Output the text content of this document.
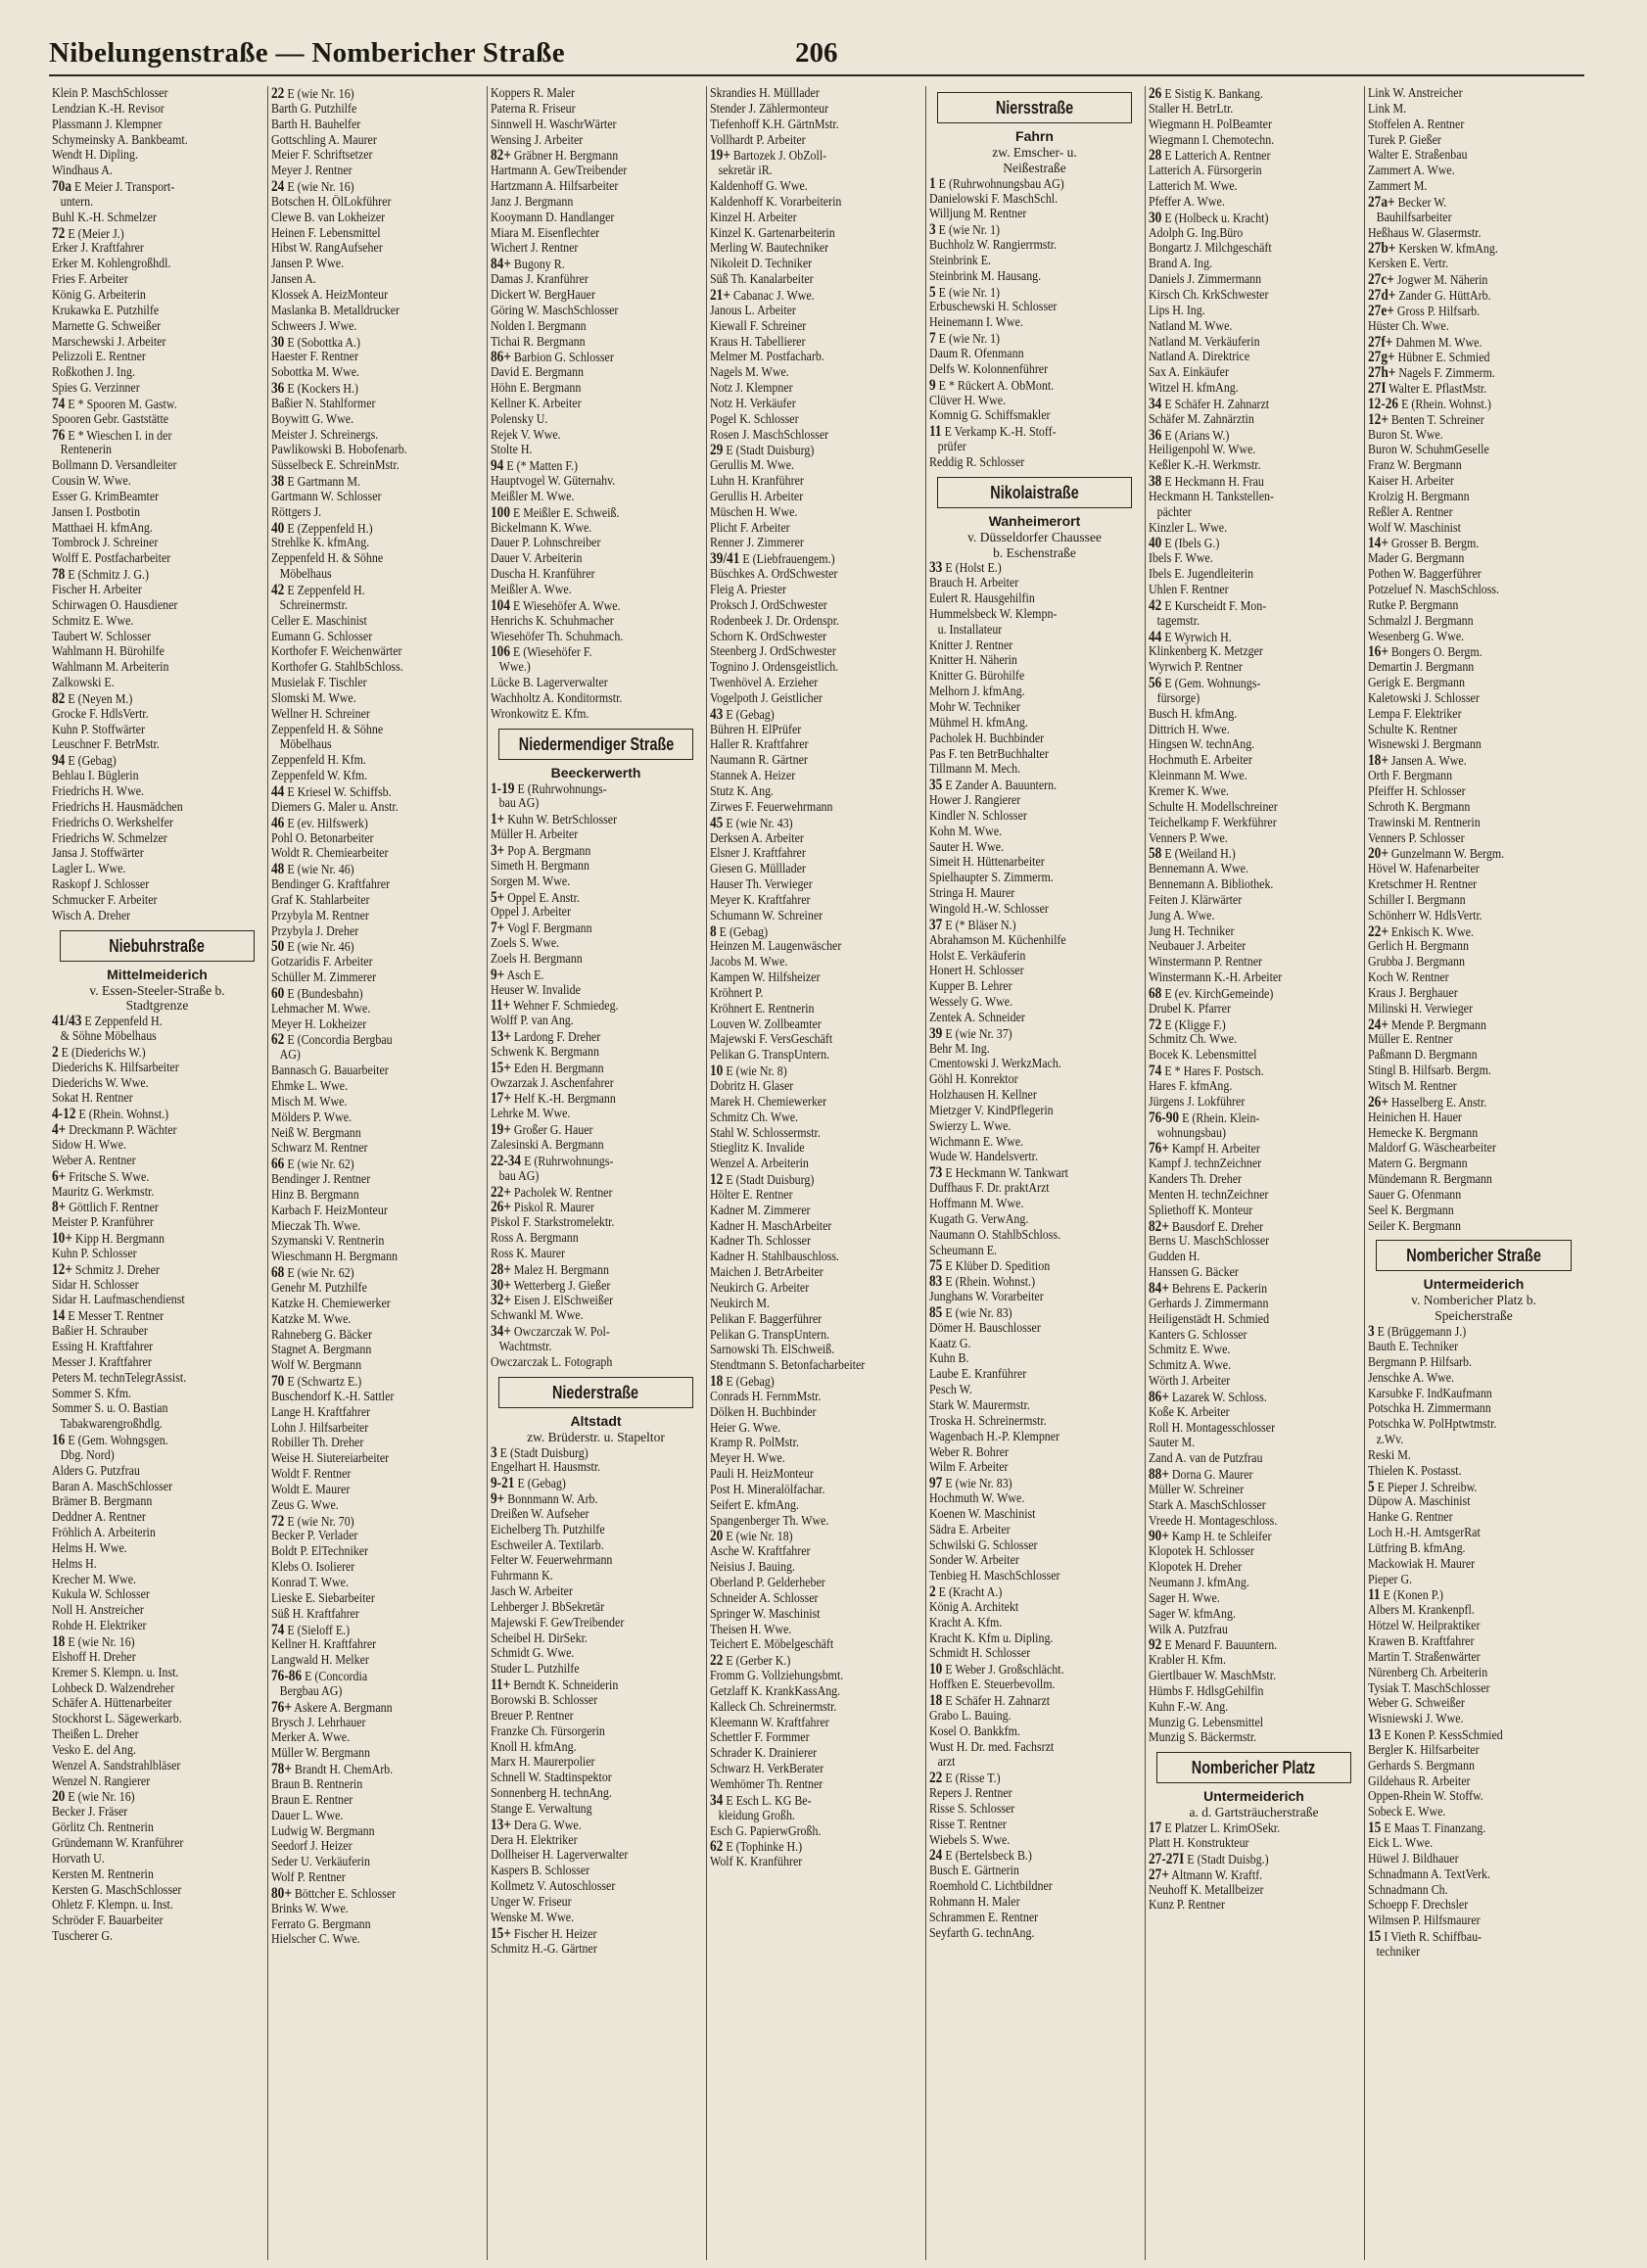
Nibelungenstraße — Nombericher Straße	206
Klein P. MaschSchlosser
Lendzian K.-H. Revisor
Plassmann J. Klempner
Schymeinsky A. Bankbeamt.
Wendt H. Dipling.
Windhaus A.
70a E Meier J. Transport-
untern.
Buhl K.-H. Schmelzer
72 E (Meier J.)
Erker J. Kraftfahrer
Erker M. Kohlengroßhdl.
Fries F. Arbeiter
König G. Arbeiterin
Krukawka E. Putzhilfe
Marnette G. Schweißer
Marschewski J. Arbeiter
Pelizzoli E. Rentner
Roßkothen J. Ing.
Spies G. Verzinner
74 E * Spooren M. Gastw.
Spooren Gebr. Gaststätte
76 E * Wieschen I. in der
Rentenerin
Bollmann D. Versandleiter
Cousin W. Wwe.
Esser G. KrimBeamter
Jansen I. Postbotin
Matthaei H. kfmAng.
Tombrock J. Schreiner
Wolff E. Postfacharbeiter
78 E (Schmitz J. G.)
Fischer H. Arbeiter
Schirwagen O. Hausdiener
Schmitz E. Wwe.
Taubert W. Schlosser
Wahlmann H. Bürohilfe
Wahlmann M. Arbeiterin
Zalkowski E.
82 E (Neyen M.)
Grocke F. HdlsVertr.
Kuhn P. Stoffwärter
Leuschner F. BetrMstr.
94 E (Gebag)
Behlau I. Büglerin
Friedrichs H. Wwe.
Friedrichs H. Hausmädchen
Friedrichs O. Werkshelfer
Friedrichs W. Schmelzer
Jansa J. Stoffwärter
Lagler L. Wwe.
Raskopf J. Schlosser
Schmucker F. Arbeiter
Wisch A. Dreher
Niebuhrstraße
Mittelmeiderich
v. Essen-Steeler-Straße b.
Stadtgrenze
41/43 E Zeppenfeld H.
& Söhne Möbelhaus
2 E (Diederichs W.)
Diederichs K. Hilfsarbeiter
Diederichs W. Wwe.
Sokat H. Rentner
4-12 E (Rhein. Wohnst.)
4+ Dreckmann P. Wächter
Sidow H. Wwe.
Weber A. Rentner
6+ Fritsche S. Wwe.
Mauritz G. Werkmstr.
8+ Göttlich F. Rentner
Meister P. Kranführer
10+ Kipp H. Bergmann
Kuhn P. Schlosser
12+ Schmitz J. Dreher
Sidar H. Schlosser
Sidar H. Laufmaschendienst
14 E Messer T. Rentner
Baßier H. Schrauber
Essing H. Kraftfahrer
Messer J. Kraftfahrer
Peters M. technTelegrAssist.
Sommer S. Kfm.
Sommer S. u. O. Bastian
Tabakwarengroßhdlg.
16 E (Gem. Wohngsgen.
Dbg. Nord)
Alders G. Putzfrau
Baran A. MaschSchlosser
Brämer B. Bergmann
Deddner A. Rentner
Fröhlich A. Arbeiterin
Helms H. Wwe.
Helms H.
Krecher M. Wwe.
Kukula W. Schlosser
Noll H. Anstreicher
Rohde H. Elektriker
18 E (wie Nr. 16)
Elshoff H. Dreher
Kremer S. Klempn. u. Inst.
Lohbeck D. Walzendreher
Schäfer A. Hüttenarbeiter
Stockhorst L. Sägewerkarb.
Theißen L. Dreher
Vesko E. del Ang.
Wenzel A. Sandstrahlbläser
Wenzel N. Rangierer
20 E (wie Nr. 16)
Becker J. Fräser
Görlitz Ch. Rentnerin
Gründemann W. Kranführer
Horvath U.
Kersten M. Rentnerin
Kersten G. MaschSchlosser
Ohletz F. Klempn. u. Inst.
Schröder F. Bauarbeiter
Tuscherer G.
22 E (wie Nr. 16)
Barth G. Putzhilfe
Barth H. Bauhelfer
Gottschling A. Maurer
Meier F. Schriftsetzer
Meyer J. Rentner
24 E (wie Nr. 16)
Botschen H. ÖlLokführer
Clewe B. van Lokheizer
Heinen F. Lebensmittel
Hibst W. RangAufseher
Jansen P. Wwe.
Jansen A.
Klossek A. HeizMonteur
Maslanka B. Metalldrucker
Schweers J. Wwe.
30 E (Sobottka A.)
Haester F. Rentner
Sobottka M. Wwe.
36 E (Kockers H.)
Baßier N. Stahlformer
Boywitt G. Wwe.
Meister J. Schreinergs.
Pawlikowski B. Hobofenarb.
Süsselbeck E. SchreinMstr.
38 E Gartmann M.
Gartmann W. Schlosser
Röttgers J.
40 E (Zeppenfeld H.)
Strehlke K. kfmAng.
Zeppenfeld H. & Söhne
Möbelhaus
42 E Zeppenfeld H.
Schreinermstr.
Celler E. Maschinist
Eumann G. Schlosser
Korthofer F. Weichenwärter
Korthofer G. StahlbSchloss.
Musielak F. Tischler
Slomski M. Wwe.
Wellner H. Schreiner
Zeppenfeld H. & Söhne
Möbelhaus
Zeppenfeld H. Kfm.
Zeppenfeld W. Kfm.
44 E Kriesel W. Schiffsb.
Diemers G. Maler u. Anstr.
46 E (ev. Hilfswerk)
Pohl O. Betonarbeiter
Woldt R. Chemiearbeiter
48 E (wie Nr. 46)
Bendinger G. Kraftfahrer
Graf K. Stahlarbeiter
Przybyla M. Rentner
Przybyla J. Dreher
50 E (wie Nr. 46)
Gotzaridis F. Arbeiter
Schüller M. Zimmerer
60 E (Bundesbahn)
Lehmacher M. Wwe.
Meyer H. Lokheizer
62 E (Concordia Bergbau
AG)
Bannasch G. Bauarbeiter
Ehmke L. Wwe.
Misch M. Wwe.
Mölders P. Wwe.
Neiß W. Bergmann
Schwarz M. Rentner
66 E (wie Nr. 62)
Bendinger J. Rentner
Hinz B. Bergmann
Karbach F. HeizMonteur
Mieczak Th. Wwe.
Szymanski V. Rentnerin
Wieschmann H. Bergmann
68 E (wie Nr. 62)
Genehr M. Putzhilfe
Katzke H. Chemiewerker
Katzke M. Wwe.
Rahneberg G. Bäcker
Stagnet A. Bergmann
Wolf W. Bergmann
70 E (Schwartz E.)
Buschendorf K.-H. Sattler
Lange H. Kraftfahrer
Lohn J. Hilfsarbeiter
Robiller Th. Dreher
Weise H. Siutereiarbeiter
Woldt F. Rentner
Woldt E. Maurer
Zeus G. Wwe.
72 E (wie Nr. 70)
Becker P. Verlader
Boldt P. ElTechniker
Klebs O. Isolierer
Konrad T. Wwe.
Lieske E. Siebarbeiter
Süß H. Kraftfahrer
74 E (Sieloff E.)
Kellner H. Kraftfahrer
Langwald H. Melker
76-86 E (Concordia
Bergbau AG)
76+ Askere A. Bergmann
Brysch J. Lehrhauer
Merker A. Wwe.
Müller W. Bergmann
78+ Brandt H. ChemArb.
Braun B. Rentnerin
Braun E. Rentner
Dauer L. Wwe.
Ludwig W. Bergmann
Seedorf J. Heizer
Seder U. Verkäuferin
Wolf P. Rentner
80+ Böttcher E. Schlosser
Brinks W. Wwe.
Ferrato G. Bergmann
Hielscher C. Wwe.
Koppers R. Maler
Paterna R. Friseur
Sinnwell H. WaschrWärter
Wensing J. Arbeiter
82+ Gräbner H. Bergmann
Hartmann A. GewTreibender
Hartzmann A. Hilfsarbeiter
Janz J. Bergmann
Kooymann D. Handlanger
Miara M. Eisenflechter
Wichert J. Rentner
84+ Bugony R.
Damas J. Kranführer
Dickert W. BergHauer
Göring W. MaschSchlosser
Nolden I. Bergmann
Tichai R. Bergmann
86+ Barbion G. Schlosser
David E. Bergmann
Höhn E. Bergmann
Kellner K. Arbeiter
Polensky U.
Rejek V. Wwe.
Stolte H.
94 E (* Matten F.)
Hauptvogel W. Güternahv.
Meißler M. Wwe.
100 E Meißler E. Schweiß.
Bickelmann K. Wwe.
Dauer P. Lohnschreiber
Dauer V. Arbeiterin
Duscha H. Kranführer
Meißler A. Wwe.
104 E Wiesehöfer A. Wwe.
Henrichs K. Schuhmacher
Wiesehöfer Th. Schuhmach.
106 E (Wiesehöfer F.
Wwe.)
Lücke B. Lagerverwalter
Wachholtz A. Konditormstr.
Wronkowitz E. Kfm.
Niedermendiger Straße
Beeckerwerth
1-19 E (Ruhrwohnungs-
bau AG)
1+ Kuhn W. BetrSchlosser
Müller H. Arbeiter
3+ Pop A. Bergmann
Simeth H. Bergmann
Sorgen M. Wwe.
5+ Oppel E. Anstr.
Oppel J. Arbeiter
7+ Vogl F. Bergmann
Zoels S. Wwe.
Zoels H. Bergmann
9+ Asch E.
Heuser W. Invalide
11+ Wehner F. Schmiedeg.
Wolff P. van Ang.
13+ Lardong F. Dreher
Schwenk K. Bergmann
15+ Eden H. Bergmann
Owzarzak J. Aschenfahrer
17+ Helf K.-H. Bergmann
Lehrke M. Wwe.
19+ Großer G. Hauer
Zalesinski A. Bergmann
22-34 E (Ruhrwohnungs-
bau AG)
22+ Pacholek W. Rentner
26+ Piskol R. Maurer
Piskol F. Starkstromelektr.
Ross A. Bergmann
Ross K. Maurer
28+ Malez H. Bergmann
30+ Wetterberg J. Gießer
32+ Eisen J. ElSchweißer
Schwankl M. Wwe.
34+ Owczarczak W. Pol-
Wachtmstr.
Owczarczak L. Fotograph
Niederstraße
Altstadt
zw. Brüderstr. u. Stapeltor
3 E (Stadt Duisburg)
Engelhart H. Hausmstr.
9-21 E (Gebag)
9+ Bonnmann W. Arb.
Dreißen W. Aufseher
Eichelberg Th. Putzhilfe
Eschweiler A. Textilarb.
Felter W. Feuerwehrmann
Fuhrmann K.
Jasch W. Arbeiter
Lehberger J. BbSekretär
Majewski F. GewTreibender
Scheibel H. DirSekr.
Schmidt G. Wwe.
Studer L. Putzhilfe
11+ Berndt K. Schneiderin
Borowski B. Schlosser
Breuer P. Rentner
Franzke Ch. Fürsorgerin
Knoll H. kfmAng.
Marx H. Maurerpolier
Schnell W. Stadtinspektor
Sonnenberg H. technAng.
Stange E. Verwaltung
13+ Dera G. Wwe.
Dera H. Elektriker
Dollheiser H. Lagerverwalter
Kaspers B. Schlosser
Kollmetz V. Autoschlosser
Unger W. Friseur
Wenske M. Wwe.
15+ Fischer H. Heizer
Schmitz H.-G. Gärtner
Skrandies H. Mülllader
Stender J. Zählermonteur
Tiefenhoff K.H. GärtnMstr.
Vollhardt P. Arbeiter
19+ Bartozek J. ObZoll-
sekretär iR.
Kaldenhoff G. Wwe.
Kaldenhoff K. Vorarbeiterin
Kinzel H. Arbeiter
Kinzel K. Gartenarbeiterin
Merling W. Bautechniker
Nikoleit D. Techniker
Süß Th. Kanalarbeiter
21+ Cabanac J. Wwe.
Janous L. Arbeiter
Kiewall F. Schreiner
Kraus H. Tabellierer
Melmer M. Postfacharb.
Nagels M. Wwe.
Notz J. Klempner
Notz H. Verkäufer
Pogel K. Schlosser
Rosen J. MaschSchlosser
29 E (Stadt Duisburg)
Gerullis M. Wwe.
Luhn H. Kranführer
Gerullis H. Arbeiter
Müschen H. Wwe.
Plicht F. Arbeiter
Renner J. Zimmerer
39/41 E (Liebfrauengem.)
Büschkes A. OrdSchwester
Fleig A. Priester
Proksch J. OrdSchwester
Rodenbeek J. Dr. Ordenspr.
Schorn K. OrdSchwester
Steenberg J. OrdSchwester
Tognino J. Ordensgeistlich.
Twenhövel A. Erzieher
Vogelpoth J. Geistlicher
43 E (Gebag)
Bühren H. ElPrüfer
Haller R. Kraftfahrer
Naumann R. Gärtner
Stannek A. Heizer
Stutz K. Ang.
Zirwes F. Feuerwehrmann
45 E (wie Nr. 43)
Derksen A. Arbeiter
Elsner J. Kraftfahrer
Giesen G. Mülllader
Hauser Th. Verwieger
Meyer K. Kraftfahrer
Schumann W. Schreiner
8 E (Gebag)
Heinzen M. Laugenwäscher
Jacobs M. Wwe.
Kampen W. Hilfsheizer
Kröhnert P.
Kröhnert E. Rentnerin
Louven W. Zollbeamter
Majewski F. VersGeschäft
Pelikan G. TranspUntern.
10 E (wie Nr. 8)
Dobritz H. Glaser
Marek H. Chemiewerker
Schmitz Ch. Wwe.
Stahl W. Schlossermstr.
Stieglitz K. Invalide
Wenzel A. Arbeiterin
12 E (Stadt Duisburg)
Hölter E. Rentner
Kadner M. Zimmerer
Kadner H. MaschArbeiter
Kadner Th. Schlosser
Kadner H. Stahlbauschloss.
Maichen J. BetrArbeiter
Neukirch G. Arbeiter
Neukirch M.
Pelikan F. Baggerführer
Pelikan G. TranspUntern.
Sarnowski Th. ElSchweiß.
Stendtmann S. Betonfacharbeiter
18 E (Gebag)
Conrads H. FernmMstr.
Dölken H. Buchbinder
Heier G. Wwe.
Kramp R. PolMstr.
Meyer H. Wwe.
Pauli H. HeizMonteur
Post H. Mineralölfachar.
Seifert E. kfmAng.
Spangenberger Th. Wwe.
20 E (wie Nr. 18)
Asche W. Kraftfahrer
Neisius J. Bauing.
Oberland P. Gelderheber
Schneider A. Schlosser
Springer W. Maschinist
Theisen H. Wwe.
Teichert E. Möbelgeschäft
22 E (Gerber K.)
Fromm G. Vollziehungsbmt.
Getzlaff K. KrankKassAng.
Kalleck Ch. Schreinermstr.
Kleemann W. Kraftfahrer
Schettler F. Formmer
Schrader K. Drainierer
Schwarz H. VerkBerater
Wemhömer Th. Rentner
34 E Esch L. KG Be-
kleidung Großh.
Esch G. PapierwGroßh.
62 E (Tophinke H.)
Wolf K. Kranführer
Niersstraße
Fahrn
zw. Emscher- u.
Neißestraße
1 E (Ruhrwohnungsbau AG)
Danielowski F. MaschSchl.
Willjung M. Rentner
3 E (wie Nr. 1)
Buchholz W. Rangierrmstr.
Steinbrink E.
Steinbrink M. Hausang.
5 E (wie Nr. 1)
Erbuschewski H. Schlosser
Heinemann I. Wwe.
7 E (wie Nr. 1)
Daum R. Ofenmann
Delfs W. Kolonnenführer
9 E * Rückert A. ObMont.
Clüver H. Wwe.
Komnig G. Schiffsmakler
11 E Verkamp K.-H. Stoff-
prüfer
Reddig R. Schlosser
Nikolaistraße
Wanheimerort
v. Düsseldorfer Chaussee
b. Eschenstraße
33 E (Holst E.)
Brauch H. Arbeiter
Eulert R. Hausgehilfin
Hummelsbeck W. Klempn-
u. Installateur
Knitter J. Rentner
Knitter H. Näherin
Knitter G. Bürohilfe
Melhorn J. kfmAng.
Mohr W. Techniker
Mühmel H. kfmAng.
Pacholek H. Buchbinder
Pas F. ten BetrBuchhalter
Tillmann M. Mech.
35 E Zander A. Bauuntern.
Hower J. Rangierer
Kindler N. Schlosser
Kohn M. Wwe.
Sauter H. Wwe.
Simeit H. Hüttenarbeiter
Spielhaupter S. Zimmerm.
Stringa H. Maurer
Wingold H.-W. Schlosser
37 E (* Bläser N.)
Abrahamson M. Küchenhilfe
Holst E. Verkäuferin
Honert H. Schlosser
Kupper B. Lehrer
Wessely G. Wwe.
Zentek A. Schneider
39 E (wie Nr. 37)
Behr M. Ing.
Cmentowski J. WerkzMach.
Göhl H. Konrektor
Holzhausen H. Kellner
Mietzger V. KindPflegerin
Swierzy L. Wwe.
Wichmann E. Wwe.
Wude W. Handelsvertr.
73 E Heckmann W. Tankwart
Duffhaus F. Dr. praktArzt
Hoffmann M. Wwe.
Kugath G. VerwAng.
Naumann O. StahlbSchloss.
Scheumann E.
75 E Klüber D. Spedition
83 E (Rhein. Wohnst.)
Junghans W. Vorarbeiter
85 E (wie Nr. 83)
Dömer H. Bauschlosser
Kaatz G.
Kuhn B.
Laube E. Kranführer
Pesch W.
Stark W. Maurermstr.
Troska H. Schreinermstr.
Wagenbach H.-P. Klempner
Weber R. Bohrer
Wilm F. Arbeiter
97 E (wie Nr. 83)
Hochmuth W. Wwe.
Koenen W. Maschinist
Sädra E. Arbeiter
Schwilski G. Schlosser
Sonder W. Arbeiter
Tenbieg H. MaschSchlosser
2 E (Kracht A.)
König A. Architekt
Kracht A. Kfm.
Kracht K. Kfm u. Dipling.
Schmidt H. Schlosser
10 E Weber J. Großschlächt.
Hoffken E. Steuerbevollm.
18 E Schäfer H. Zahnarzt
Grabo L. Bauing.
Kosel O. Bankkfm.
Wust H. Dr. med. Fachsrzt
arzt
22 E (Risse T.)
Repers J. Rentner
Risse S. Schlosser
Risse T. Rentner
Wiebels S. Wwe.
24 E (Bertelsbeck B.)
Busch E. Gärtnerin
Roemhold C. Lichtbildner
Rohmann H. Maler
Schrammen E. Rentner
Seyfarth G. technAng.
26 E Sistig K. Bankang.
Staller H. BetrLtr.
Wiegmann H. PolBeamter
Wiegmann I. Chemotechn.
28 E Latterich A. Rentner
Latterich A. Fürsorgerin
Latterich M. Wwe.
Pfeffer A. Wwe.
30 E (Holbeck u. Kracht)
Adolph G. Ing.Büro
Bongartz J. Milchgeschäft
Brand A. Ing.
Daniels J. Zimmermann
Kirsch Ch. KrkSchwester
Lips H. Ing.
Natland M. Wwe.
Natland M. Verkäuferin
Natland A. Direktrice
Sax A. Einkäufer
Witzel H. kfmAng.
34 E Schäfer H. Zahnarzt
Schäfer M. Zahnärztin
36 E (Arians W.)
Heiligenpohl W. Wwe.
Keßler K.-H. Werkmstr.
38 E Heckmann H. Frau
Heckmann H. Tankstellen-
pächter
Kinzler L. Wwe.
40 E (Ibels G.)
Ibels F. Wwe.
Ibels E. Jugendleiterin
Uhlen F. Rentner
42 E Kurscheidt F. Mon-
tagemstr.
44 E Wyrwich H.
Klinkenberg K. Metzger
Wyrwich P. Rentner
56 E (Gem. Wohnungs-
fürsorge)
Busch H. kfmAng.
Dittrich H. Wwe.
Hingsen W. technAng.
Hochmuth E. Arbeiter
Kleinmann M. Wwe.
Kremer K. Wwe.
Schulte H. Modellschreiner
Teichelkamp F. Werkführer
Venners P. Wwe.
58 E (Weiland H.)
Bennemann A. Wwe.
Bennemann A. Bibliothek.
Feiten J. Klärwärter
Jung A. Wwe.
Jung H. Techniker
Neubauer J. Arbeiter
Winstermann P. Rentner
Winstermann K.-H. Arbeiter
68 E (ev. KirchGemeinde)
Drubel K. Pfarrer
72 E (Kligge F.)
Schmitz Ch. Wwe.
Bocek K. Lebensmittel
74 E * Hares F. Postsch.
Hares F. kfmAng.
Jürgens J. Lokführer
76-90 E (Rhein. Klein-
wohnungsbau)
76+ Kampf H. Arbeiter
Kampf J. technZeichner
Kanders Th. Dreher
Menten H. technZeichner
Spliethoff K. Monteur
82+ Bausdorf E. Dreher
Berns U. MaschSchlosser
Gudden H.
Hanssen G. Bäcker
84+ Behrens E. Packerin
Gerhards J. Zimmermann
Heiligenstädt H. Schmied
Kanters G. Schlosser
Schmitz E. Wwe.
Schmitz A. Wwe.
Wörth J. Arbeiter
86+ Lazarek W. Schloss.
Koße K. Arbeiter
Roll H. Montagesschlosser
Sauter M.
Zand A. van de Putzfrau
88+ Dorna G. Maurer
Müller W. Schreiner
Stark A. MaschSchlosser
Vreede H. Montageschloss.
90+ Kamp H. te Schleifer
Klopotek H. Schlosser
Klopotek H. Dreher
Neumann J. kfmAng.
Sager H. Wwe.
Sager W. kfmAng.
Wilk A. Putzfrau
92 E Menard F. Bauuntern.
Krabler H. Kfm.
Giertlbauer W. MaschMstr.
Hümbs F. HdlsgGehilfin
Kuhn F.-W. Ang.
Munzig G. Lebensmittel
Munzig S. Bäckermstr.
Nombericher Platz
Untermeiderich
a. d. Gartsträucherstraße
17 E Platzer L. KrimOSekr.
Platt H. Konstrukteur
27-27I E (Stadt Duisbg.)
27+ Altmann W. Kraftf.
Neuhoff K. Metallbeizer
Kunz P. Rentner
Link W. Anstreicher
Link M.
Stoffelen A. Rentner
Turek P. Gießer
Walter E. Straßenbau
Zammert A. Wwe.
Zammert M.
27a+ Becker W.
Bauhilfsarbeiter
Heßhaus W. Glasermstr.
27b+ Kersken W. kfmAng.
Kersken E. Vertr.
27c+ Jogwer M. Näherin
27d+ Zander G. HüttArb.
27e+ Gross P. Hilfsarb.
Hüster Ch. Wwe.
27f+ Dahmen M. Wwe.
27g+ Hübner E. Schmied
27h+ Nagels F. Zimmerm.
27I Walter E. PflastMstr.
12-26 E (Rhein. Wohnst.)
12+ Benten T. Schreiner
Buron St. Wwe.
Buron W. SchuhmGeselle
Franz W. Bergmann
Kaiser H. Arbeiter
Krolzig H. Bergmann
Reßler A. Rentner
Wolf W. Maschinist
14+ Grosser B. Bergm.
Mader G. Bergmann
Pothen W. Baggerführer
Potzeluef N. MaschSchloss.
Rutke P. Bergmann
Schmalzl J. Bergmann
Wesenberg G. Wwe.
16+ Bongers O. Bergm.
Demartin J. Bergmann
Gerigk E. Bergmann
Kaletowski J. Schlosser
Lempa F. Elektriker
Schulte K. Rentner
Wisnewski J. Bergmann
18+ Jansen A. Wwe.
Orth F. Bergmann
Pfeiffer H. Schlosser
Schroth K. Bergmann
Trawinski M. Rentnerin
Venners P. Schlosser
20+ Gunzelmann W. Bergm.
Hövel W. Hafenarbeiter
Kretschmer H. Rentner
Schiller I. Bergmann
Schönherr W. HdlsVertr.
22+ Enkisch K. Wwe.
Gerlich H. Bergmann
Grubba J. Bergmann
Koch W. Rentner
Kraus J. Berghauer
Milinski H. Verwieger
24+ Mende P. Bergmann
Müller E. Rentner
Paßmann D. Bergmann
Stingl B. Hilfsarb. Bergm.
Witsch M. Rentner
26+ Hasselberg E. Anstr.
Heinichen H. Hauer
Hemecke K. Bergmann
Maldorf G. Wäschearbeiter
Matern G. Bergmann
Mündemann R. Bergmann
Sauer G. Ofenmann
Seel K. Bergmann
Seiler K. Bergmann
Nombericher Straße
Untermeiderich
v. Nombericher Platz b.
Speicherstraße
3 E (Brüggemann J.)
Bauth E. Techniker
Bergmann P. Hilfsarb.
Jenschke A. Wwe.
Karsubke F. IndKaufmann
Potschka H. Zimmermann
Potschka W. PolHptwtmstr.
z.Wv.
Reski M.
Thielen K. Postasst.
5 E Pieper J. Schreibw.
Düpow A. Maschinist
Hanke G. Rentner
Loch H.-H. AmtsgerRat
Lütfring B. kfmAng.
Mackowiak H. Maurer
Pieper G.
11 E (Konen P.)
Albers M. Krankenpfl.
Hötzel W. Heilpraktiker
Krawen B. Kraftfahrer
Martin T. Straßenwärter
Nürenberg Ch. Arbeiterin
Tysiak T. MaschSchlosser
Weber G. Schweißer
Wisniewski J. Wwe.
13 E Konen P. KessSchmied
Bergler K. Hilfsarbeiter
Gerhards S. Bergmann
Gildehaus R. Arbeiter
Oppen-Rhein W. Stoffw.
Sobeck E. Wwe.
15 E Maas T. Finanzang.
Eick L. Wwe.
Hüwel J. Bildhauer
Schnadmann A. TextVerk.
Schnadmann Ch.
Schoepp F. Drechsler
Wilmsen P. Hilfsmaurer
15 I Vieth R. Schiffbau-
techniker
